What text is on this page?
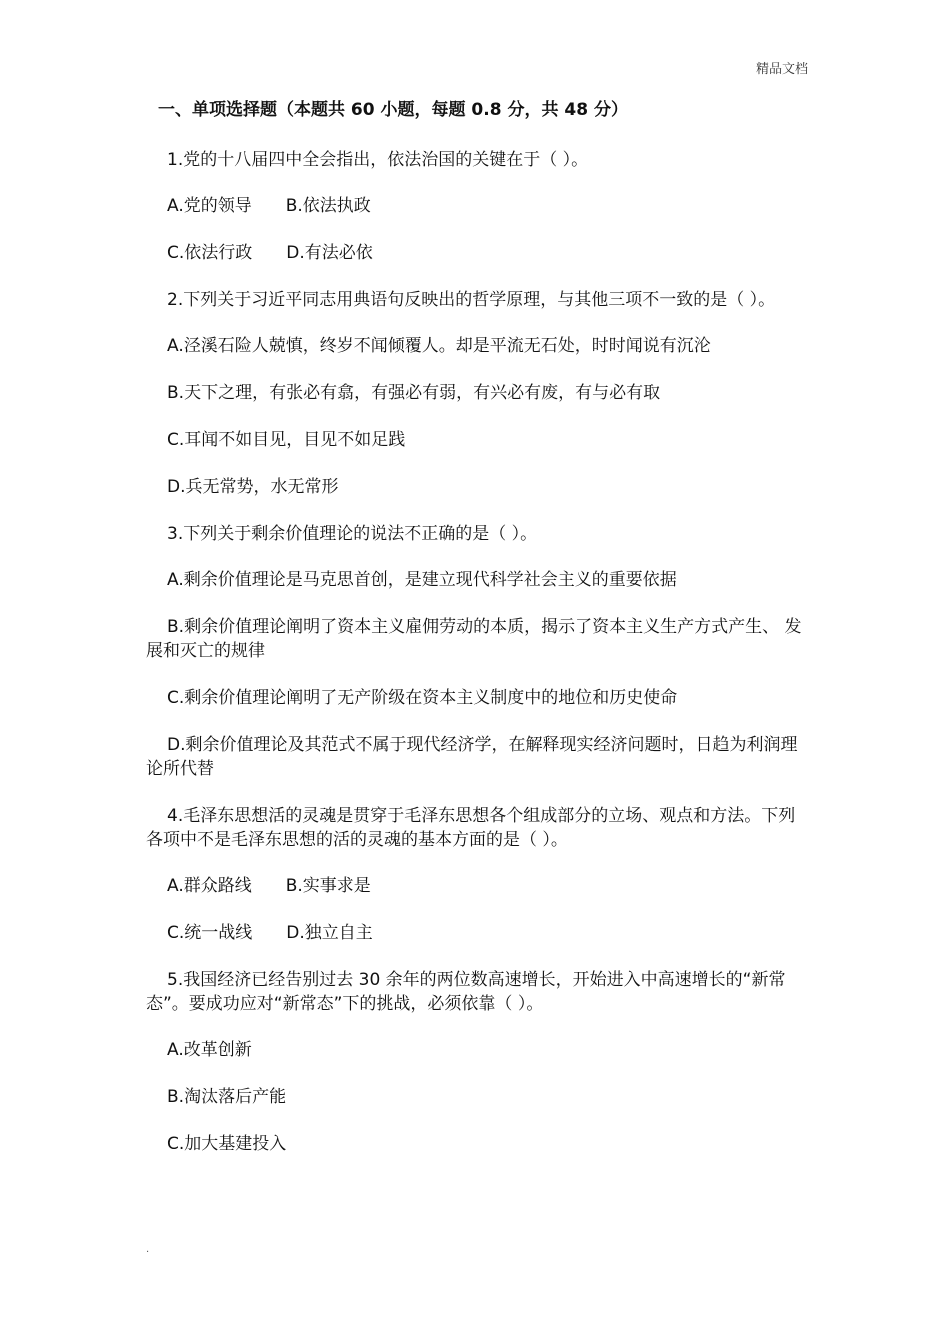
精品文档
一、单项选择题（本题共 60 小题，每题 0.8 分，共 48 分）
1.党的十八届四中全会指出，依法治国的关键在于（ ）。
A.党的领导 B.依法执政
C.依法行政 D.有法必依
2.下列关于习近平同志用典语句反映出的哲学原理，与其他三项不一致的是（ ）。
A.泾溪石险人兢慎，终岁不闻倾覆人。却是平流无石处，时时闻说有沉沦
B.天下之理，有张必有翕，有强必有弱，有兴必有废，有与必有取
C.耳闻不如目见，目见不如足践
D.兵无常势，水无常形
3.下列关于剩余价值理论的说法不正确的是（ ）。
A.剩余价值理论是马克思首创，是建立现代科学社会主义的重要依据
B.剩余价值理论阐明了资本主义雇佣劳动的本质，揭示了资本主义生产方式产生、 发展和灭亡的规律
C.剩余价值理论阐明了无产阶级在资本主义制度中的地位和历史使命
D.剩余价值理论及其范式不属于现代经济学，在解释现实经济问题时，日趋为利润理论所代替
4.毛泽东思想活的灵魂是贯穿于毛泽东思想各个组成部分的立场、观点和方法。下列各项中不是毛泽东思想的活的灵魂的基本方面的是（ ）。
A.群众路线 B.实事求是
C.统一战线 D.独立自主
5.我国经济已经告别过去 30 余年的两位数高速增长，开始进入中高速增长的“新常态”。要成功应对“新常态”下的挑战，必须依靠（ ）。
A.改革创新
B.淘汰落后产能
C.加大基建投入
.
